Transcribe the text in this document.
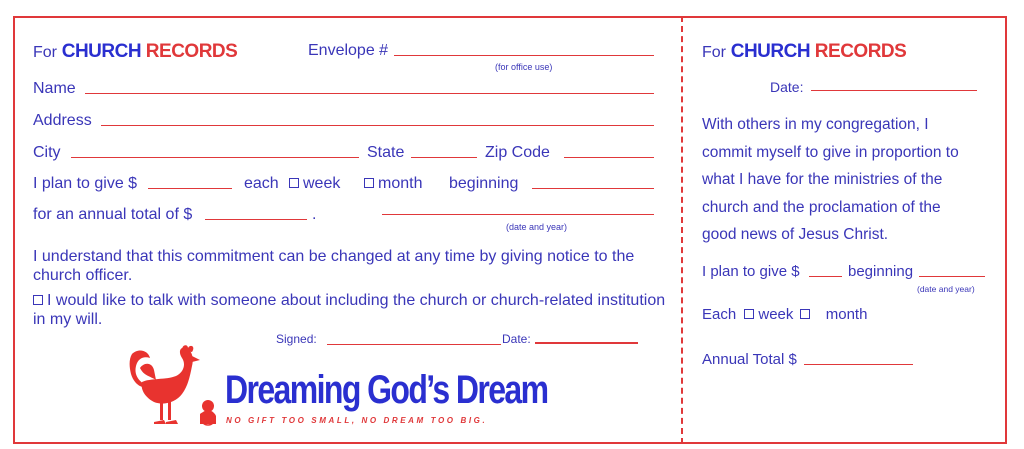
For CHURCH RECORDS	Envelope #
(for office use)
Name
Address
City	State	Zip Code
I plan to give $	each	week	month beginning
for an annual total of $	.
(date and year)
I understand that this commitment can be changed at any time by giving notice to the church officer.
I would like to talk with someone about including the church or church-related institution in my will.
Signed:	Date:
Dreaming God’s Dream
NO GIFT TOO SMALL, NO DREAM TOO BIG.
For CHURCH RECORDS
Date:
With others in my congregation, I commit myself to give in proportion to what I have for the ministries of the church and the proclamation of the good news of Jesus Christ.
I plan to give $	beginning
(date and year)
Each week month
Annual Total $
